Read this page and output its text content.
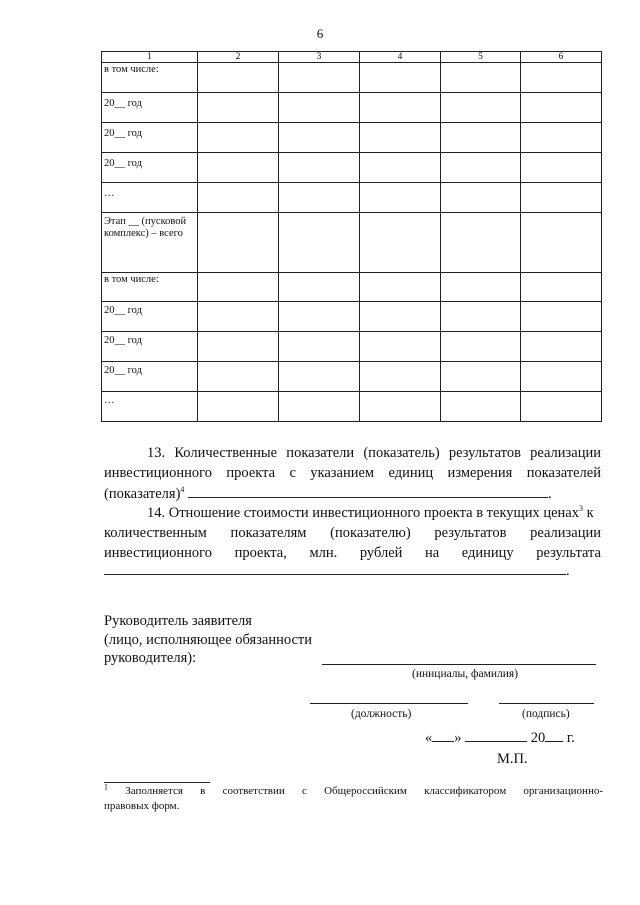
6
1	2	3	4	5	6
в том числе:					
20__ год					
20__ год					
20__ год					
…					
Этап __ (пусковой комплекс) – всего					
в том числе:					
20__ год					
20__ год					
20__ год					
…					
13. Количественные показатели (показатель) результатов реализации
инвестиционного проекта с указанием единиц измерения показателей
(показателя)$^4$	.
14. Отношение стоимости инвестиционного проекта в текущих ценах$^3$ к
количественным показателям (показателю) результатов реализации
инвестиционного проекта, млн. рублей на единицу результата
.
Руководитель заявителя
(лицо, исполняющее обязанности
руководителя):
(инициалы, фамилия)
(должность)	(подпись)
« »	20 г.
М.П.
$^1$ Заполняется в соответствии с Общероссийским классификатором организационно-
правовых форм.
